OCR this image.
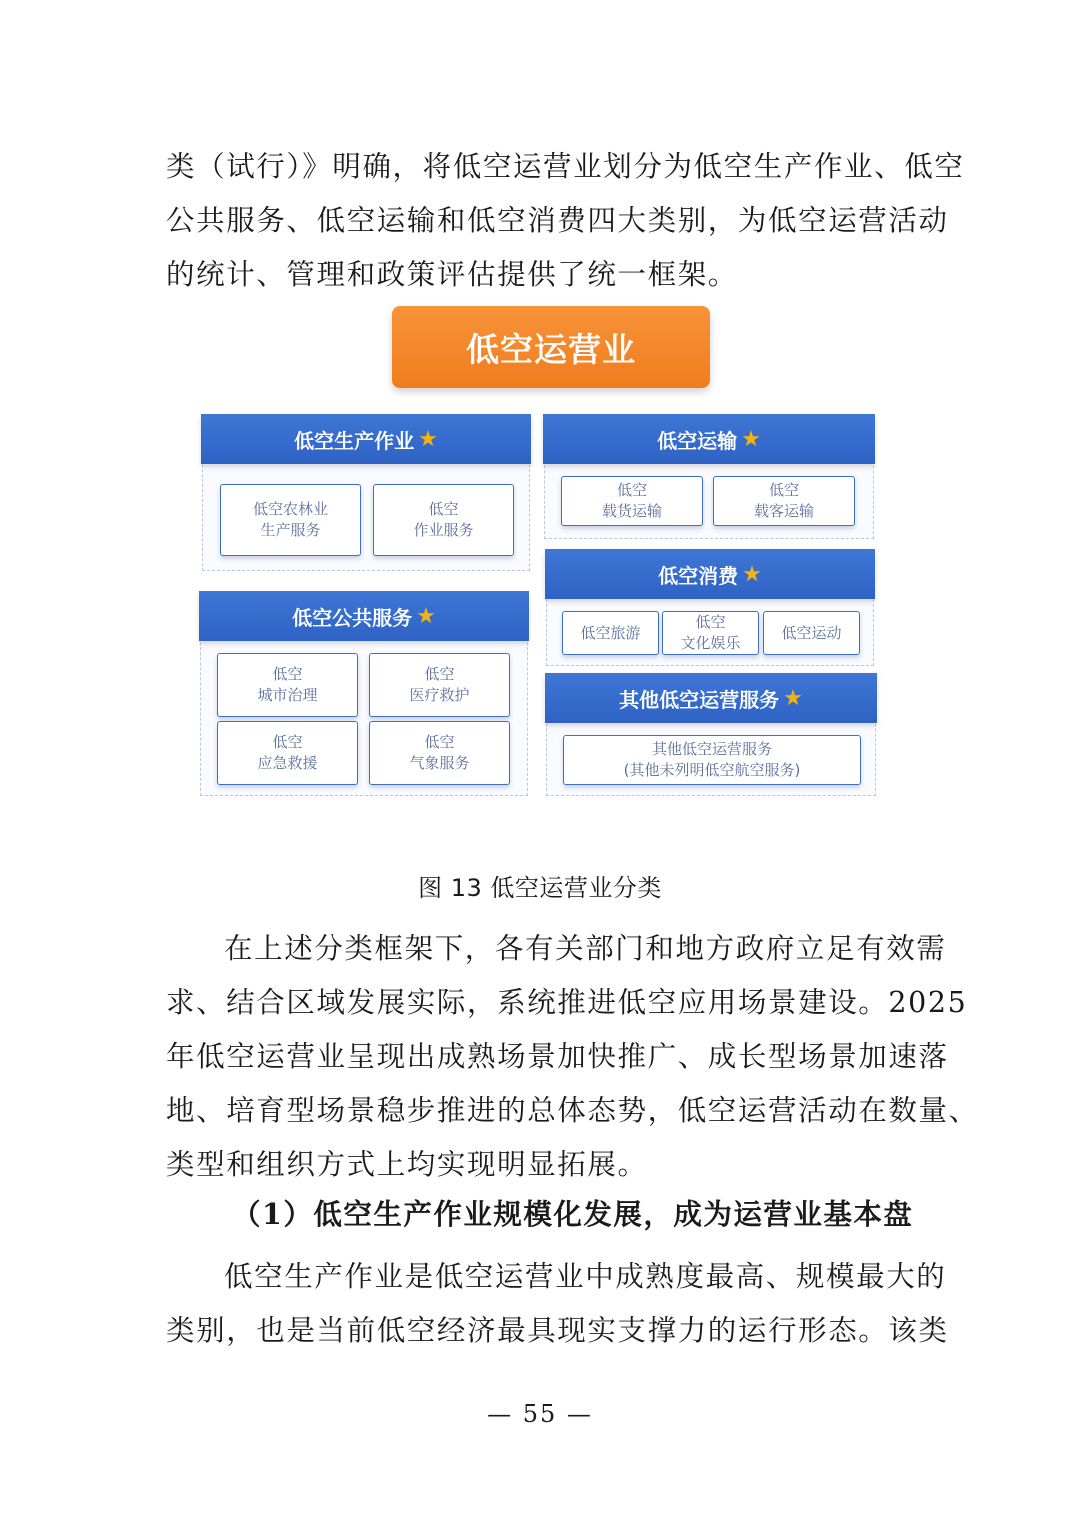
类（试行）》明确，将低空运营业划分为低空生产作业、低空
公共服务、低空运输和低空消费四大类别，为低空运营活动
的统计、管理和政策评估提供了统一框架。
低空运营业
低空生产作业 ★
低空农林业
生产服务
低空
作业服务
低空公共服务 ★
低空
城市治理
低空
医疗救护
低空
应急救援
低空
气象服务
低空运输 ★
低空
载货运输
低空
载客运输
低空消费 ★
低空旅游
低空
文化娱乐
低空运动
其他低空运营服务 ★
其他低空运营服务
(其他未列明低空航空服务)
图 13 低空运营业分类
在上述分类框架下，各有关部门和地方政府立足有效需
求、结合区域发展实际，系统推进低空应用场景建设。2025
年低空运营业呈现出成熟场景加快推广、成长型场景加速落
地、培育型场景稳步推进的总体态势，低空运营活动在数量、
类型和组织方式上均实现明显拓展。
（1）低空生产作业规模化发展，成为运营业基本盘
低空生产作业是低空运营业中成熟度最高、规模最大的
类别，也是当前低空经济最具现实支撑力的运行形态。该类
— 55 —
